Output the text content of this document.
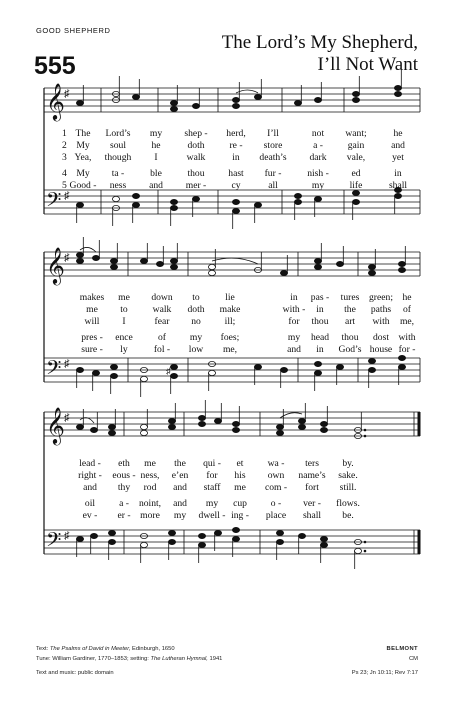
GOOD SHEPHERD
555
The Lord’s My Shepherd,
I’ll Not Want
𝄞
𝄢
♯
♯
1 The Lord’s my shep - herd, I’ll	not want;	he
2 My soul	he	doth	re - store	a -	gain	and
3 Yea, though I	walk	in death’s dark vale,	yet
4 My ta -	ble	thou hast fur -	nish - ed	in
5 Good - ness and mer -	cy	all	my	life	shall
𝄞
𝄢
♯
♯
♯
makes me down to	lie	in pas - tures green; he
me to	walk doth make	with - in the paths of
will I	fear no ill;	for thou art with me,
pres - ence	of my foes;	my head thou dost with
sure - ly	fol - low me,	and in God’s house for -
𝄞
𝄢
♯
♯
lead - eth me the qui - et	wa - ters by.
right - eous - ness, e’en for his own name’s sake.
and thy rod and staff me com - fort still.
oil	a - noint, and my cup o - ver - flows.
ev - er - more my dwell - ing - place shall be.
Text: The Psalms of David in Meeter, Edinburgh, 1650
Tune: William Gardiner, 1770–1853; setting: The Lutheran Hymnal, 1941
Text and music: public domain
BELMONT
CM
Ps 23; Jn 10:11; Rev 7:17
